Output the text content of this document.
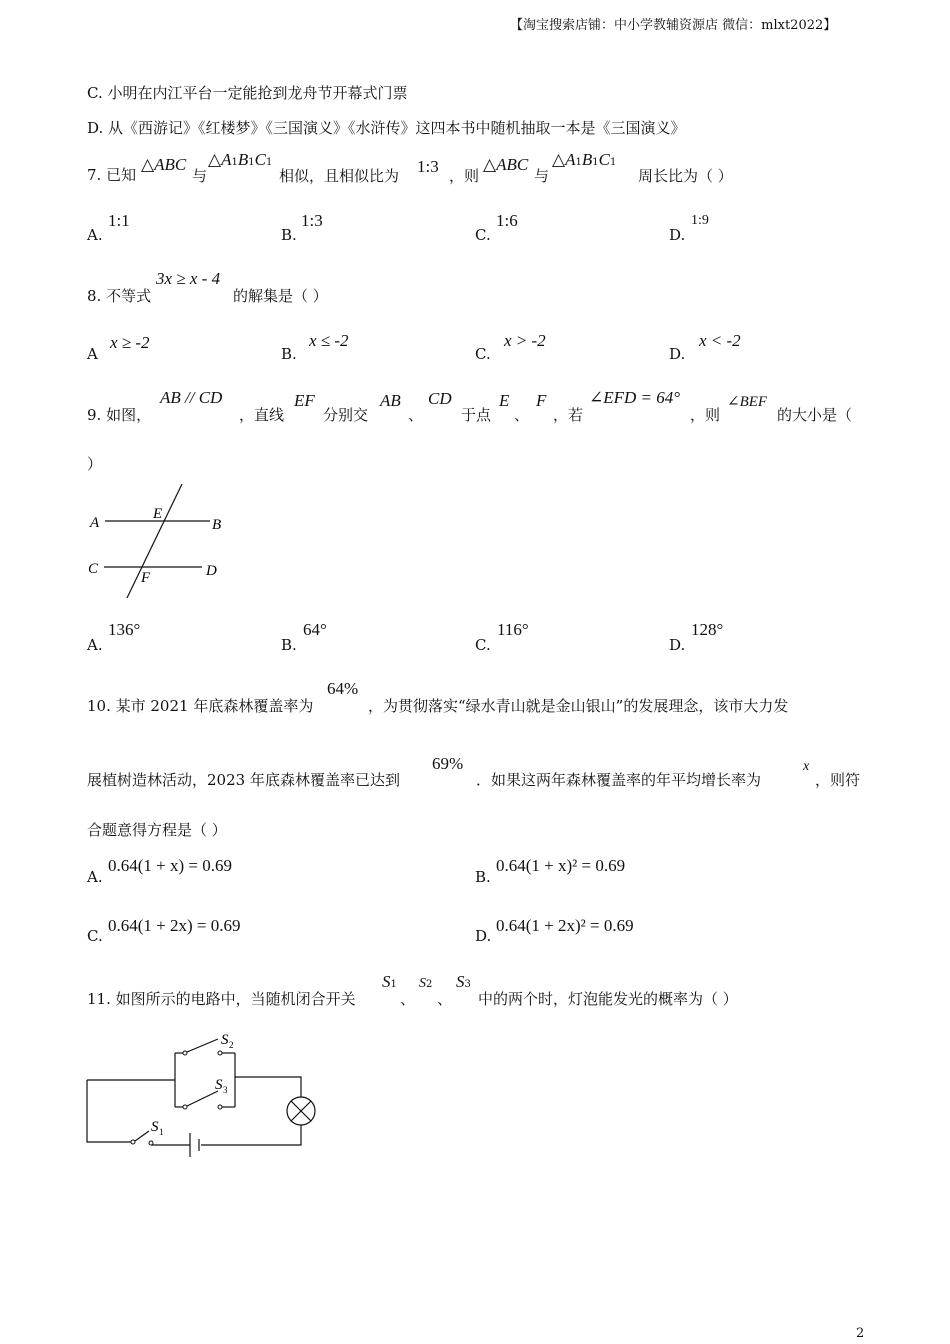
【淘宝搜索店铺：中小学教辅资源店 微信：mlxt2022】
C. 小明在内江平台一定能抢到龙舟节开幕式门票
D. 从《西游记》《红楼梦》《三国演义》《水浒传》这四本书中随机抽取一本是《三国演义》
7. 已知
△ABC
与
△A1B1C1
相似，且相似比为 1:3 ，则
△ABC
与
△A1B1C1
周长比为（ ）
A.
1:1
B.
1:3
C.
1:6
D.
1:9
8. 不等式
3x ≥ x - 4
的解集是（ ）
A
x ≥ -2
B.
x ≤ -2
C.
x > -2
D.
x < -2
9. 如图，
AB // CD
，直线
EF
分别交
AB
、
CD
于点
E
、
F
，若
∠EFD = 64°
，则
∠BEF
的大小是（
）
A	B
C	D
E
F
A.
136°
B.
64°
C.
116°
D.
128°
10. 某市 2021 年底森林覆盖率为
64%
，为贯彻落实“绿水青山就是金山银山”的发展理念，该市大力发
展植树造林活动，2023 年底森林覆盖率已达到
69%
．如果这两年森林覆盖率的年平均增长率为
x
，则符
合题意得方程是（ ）
A.
0.64(1 + x) = 0.69
B.
0.64(1 + x)² = 0.69
C.
0.64(1 + 2x) = 0.69
D.
0.64(1 + 2x)² = 0.69
11. 如图所示的电路中，当随机闭合开关
S1
、
S2
、
S3
中的两个时，灯泡能发光的概率为（ ）
S 2
S 3
S 1
2
